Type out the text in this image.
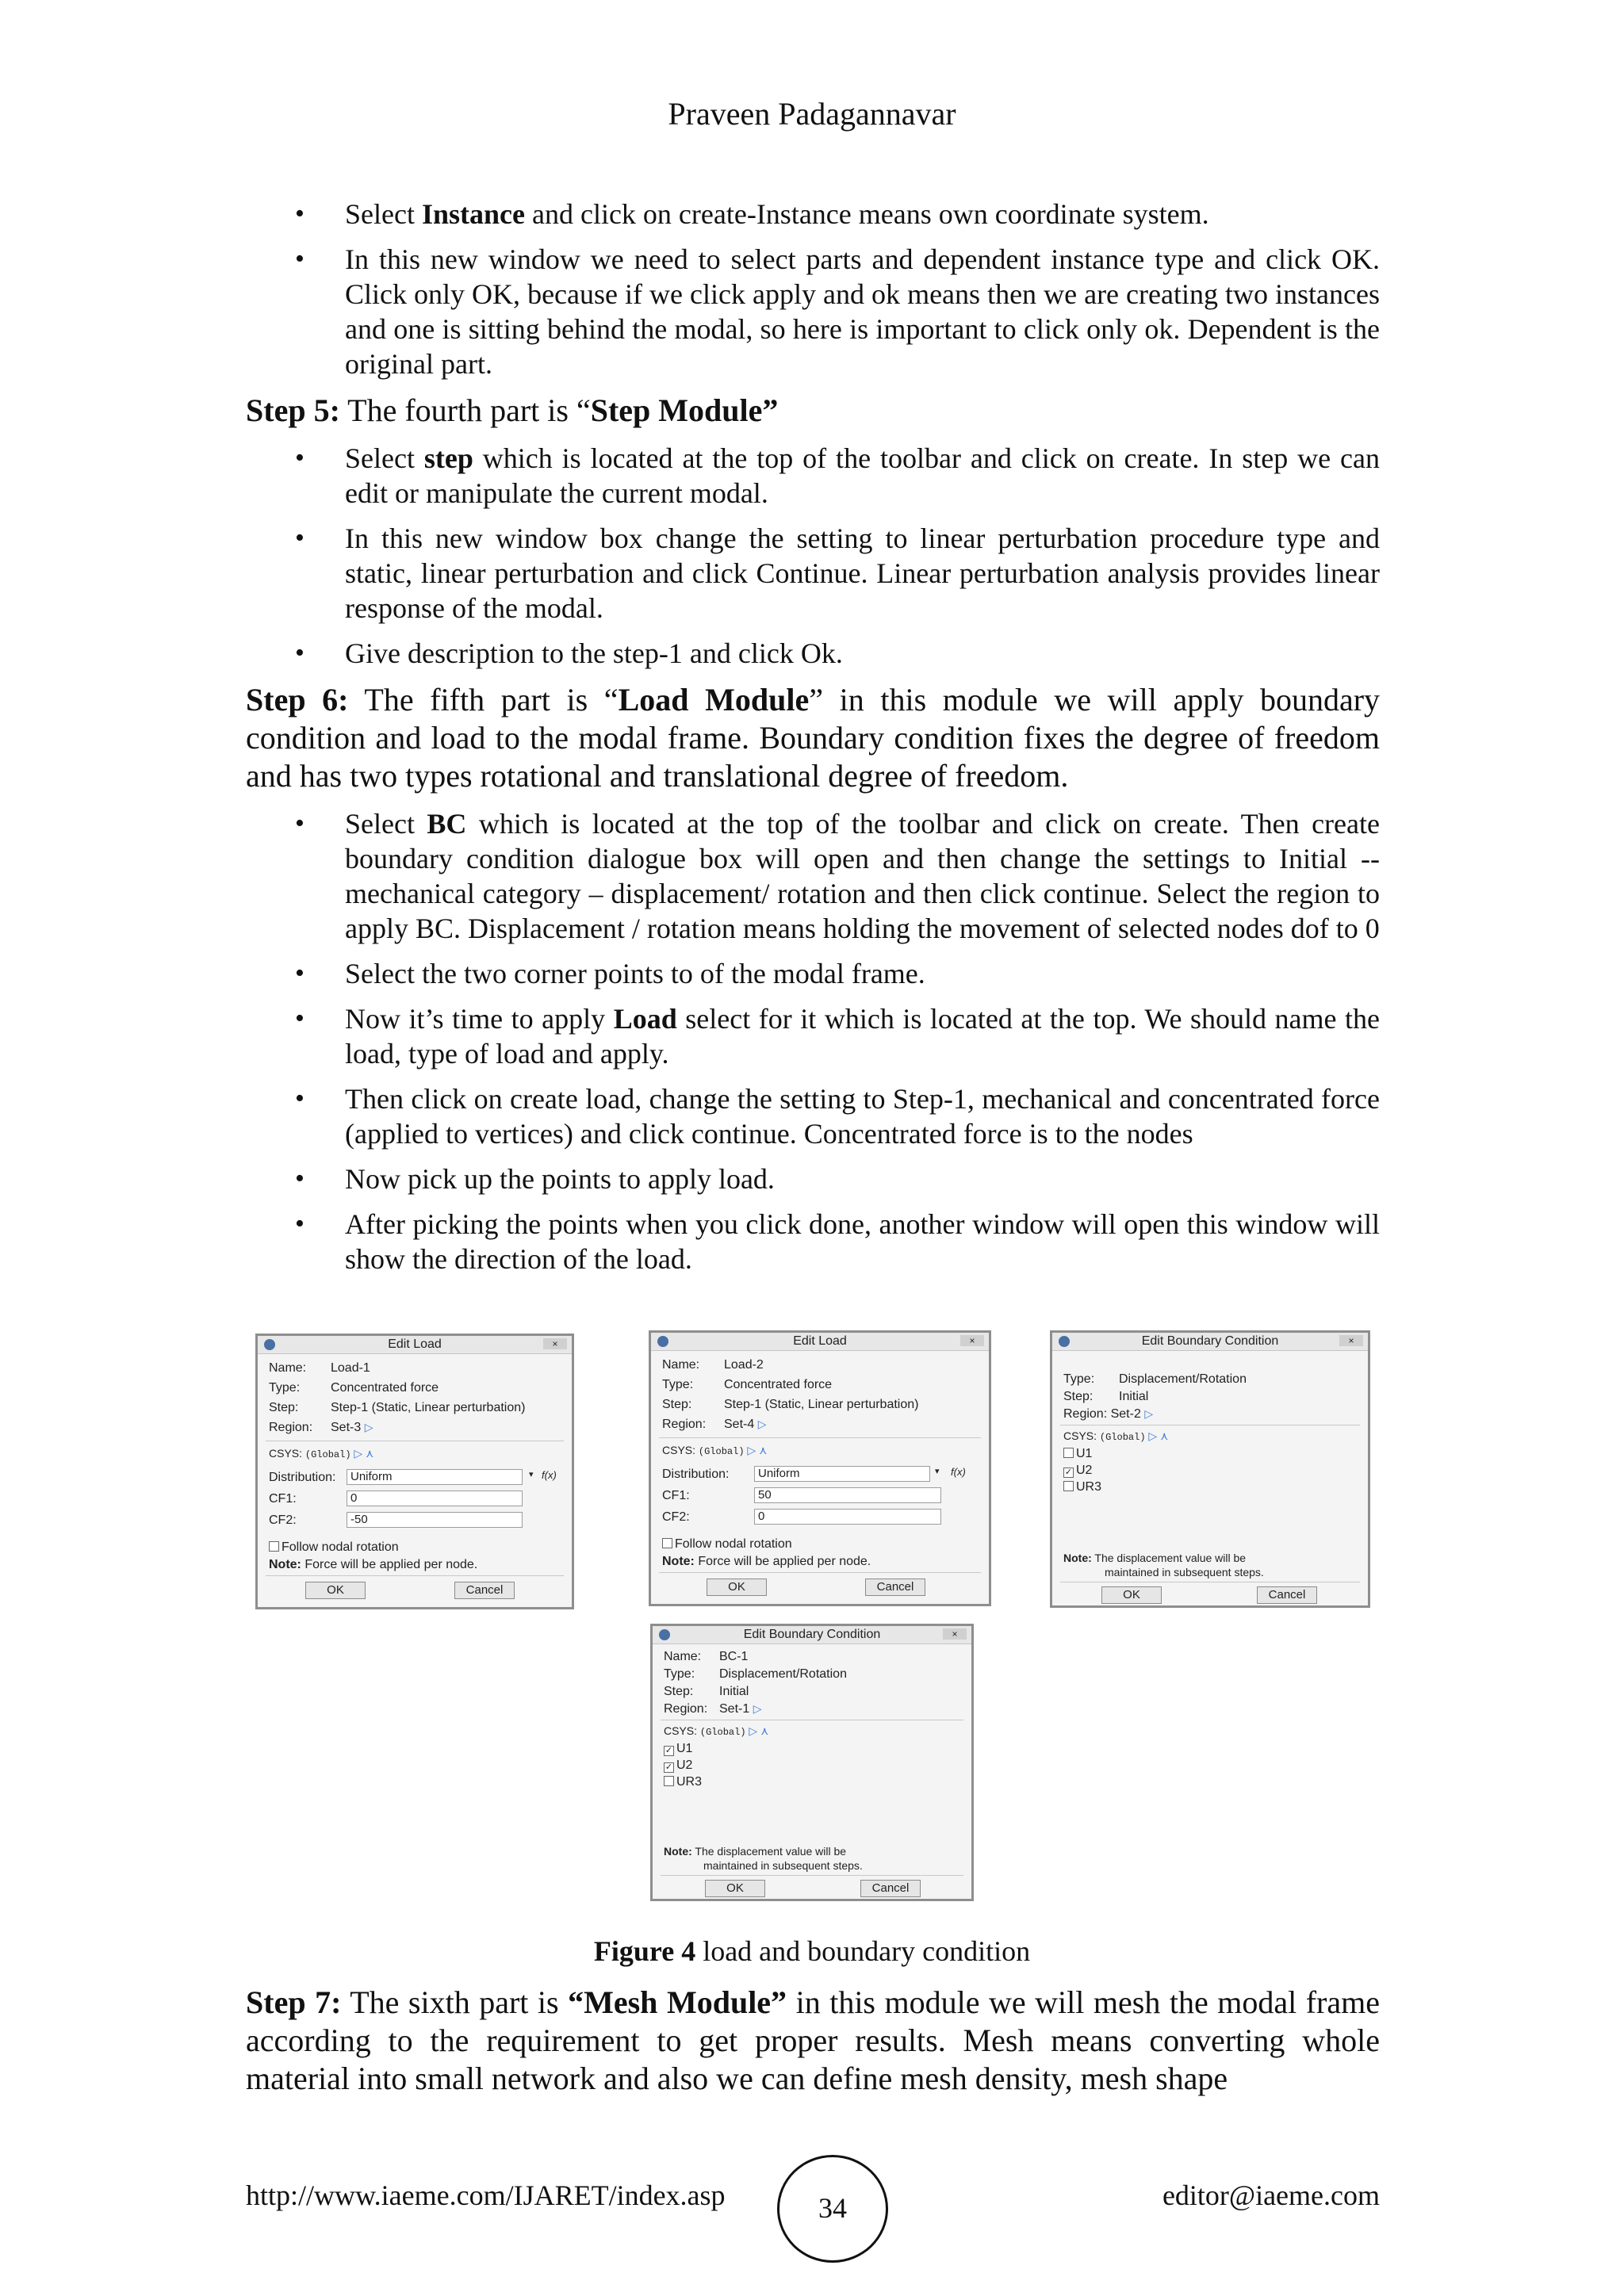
Praveen Padagannavar
• Select Instance and click on create-Instance means own coordinate system.
• In this new window we need to select parts and dependent instance type and click OK. Click only OK, because if we click apply and ok means then we are creating two instances and one is sitting behind the modal, so here is important to click only ok. Dependent is the original part.

Step 5: The fourth part is “Step Module”

• Select step which is located at the top of the toolbar and click on create. In step we can edit or manipulate the current modal.
• In this new window box change the setting to linear perturbation procedure type and static, linear perturbation and click Continue. Linear perturbation analysis provides linear response of the modal.
• Give description to the step-1 and click Ok.

Step 6: The fifth part is “Load Module” in this module we will apply boundary condition and load to the modal frame. Boundary condition fixes the degree of freedom and has two types rotational and translational degree of freedom.

• Select BC which is located at the top of the toolbar and click on create. Then create boundary condition dialogue box will open and then change the settings to Initial -- mechanical category – displacement/ rotation and then click continue. Select the region to apply BC. Displacement / rotation means holding the movement of selected nodes dof to 0
• Select the two corner points to of the modal frame.
• Now it’s time to apply Load select for it which is located at the top. We should name the load, type of load and apply.
• Then click on create load, change the setting to Step-1, mechanical and concentrated force (applied to vertices) and click continue. Concentrated force is to the nodes
• Now pick up the points to apply load.
• After picking the points when you click done, another window will open this window will show the direction of the load.
Edit Load	×
Name: Load-1
Type: Concentrated force
Step:	Step-1 (Static, Linear perturbation)
Region: Set-3 ▷
CSYS: (Global) ▷ ⋏
Distribution:	Uniform	▾ f(x)
CF1:	0
CF2:	-50
Follow nodal rotation
Note: Force will be applied per node.
OK	Cancel
Edit Load	×
Name: Load-2
Type: Concentrated force
Step:	Step-1 (Static, Linear perturbation)
Region: Set-4 ▷
CSYS: (Global) ▷ ⋏
Distribution:	Uniform	▾ f(x)
CF1:	50
CF2:	0
Follow nodal rotation
Note: Force will be applied per node.
OK	Cancel
Edit Boundary Condition	×
Type: Displacement/Rotation
Step: Initial
Region: Set-2 ▷
CSYS: (Global) ▷ ⋏
U1
✓ U2
UR3
Note: The displacement value will be
maintained in subsequent steps.
OK	Cancel
Edit Boundary Condition	×
Name: BC-1
Type: Displacement/Rotation
Step: Initial
Region: Set-1 ▷
CSYS: (Global) ▷ ⋏
✓ U1
✓ U2
UR3
Note: The displacement value will be
maintained in subsequent steps.
OK	Cancel
Figure 4 load and boundary condition

Step 7: The sixth part is “Mesh Module” in this module we will mesh the modal frame according to the requirement to get proper results. Mesh means converting whole material into small network and also we can define mesh density, mesh shape

http://www.iaeme.com/IJARET/index.asp	34	editor@iaeme.com
